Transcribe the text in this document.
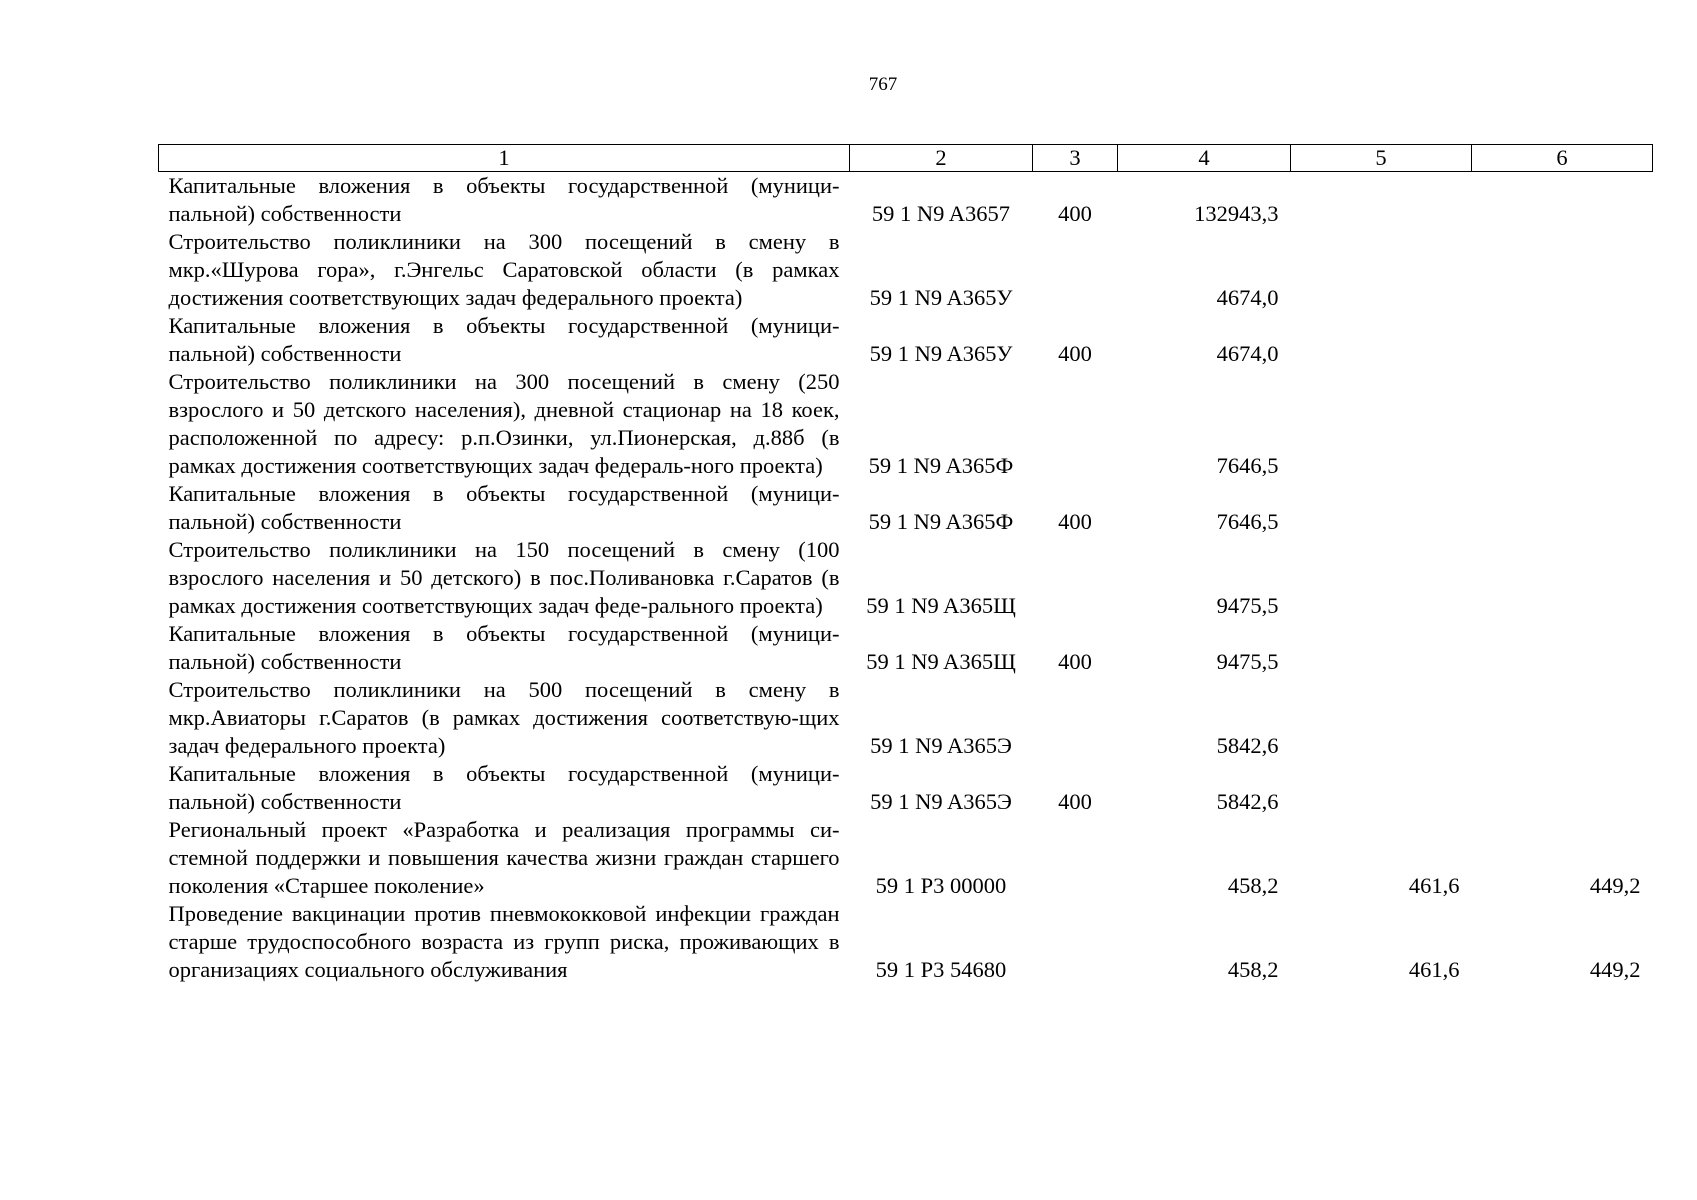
767
1	2	3	4	5	6
Капитальные вложения в объекты государственной (муници-пальной) собственности	59 1 N9 A3657	400	132943,3		
Строительство поликлиники на 300 посещений в смену в мкр.«Шурова гора», г.Энгельс Саратовской области (в рамках достижения соответствующих задач федерального проекта)	59 1 N9 A365У		4674,0		
Капитальные вложения в объекты государственной (муници-пальной) собственности	59 1 N9 A365У	400	4674,0		
Строительство поликлиники на 300 посещений в смену (250 взрослого и 50 детского населения), дневной стационар на 18 коек, расположенной по адресу: р.п.Озинки, ул.Пионерская, д.88б (в рамках достижения соответствующих задач федераль-ного проекта)	59 1 N9 A365Ф		7646,5		
Капитальные вложения в объекты государственной (муници-пальной) собственности	59 1 N9 A365Ф	400	7646,5		
Строительство поликлиники на 150 посещений в смену (100 взрослого населения и 50 детского) в пос.Поливановка г.Саратов (в рамках достижения соответствующих задач феде-рального проекта)	59 1 N9 A365Щ		9475,5		
Капитальные вложения в объекты государственной (муници-пальной) собственности	59 1 N9 A365Щ	400	9475,5		
Строительство поликлиники на 500 посещений в смену в мкр.Авиаторы г.Саратов (в рамках достижения соответствую-щих задач федерального проекта)	59 1 N9 A365Э		5842,6		
Капитальные вложения в объекты государственной (муници-пальной) собственности	59 1 N9 A365Э	400	5842,6		
Региональный проект «Разработка и реализация программы си-стемной поддержки и повышения качества жизни граждан старшего поколения «Старшее поколение»	59 1 P3 00000		458,2	461,6	449,2
Проведение вакцинации против пневмококковой инфекции граждан старше трудоспособного возраста из групп риска, проживающих в организациях социального обслуживания	59 1 P3 54680		458,2	461,6	449,2
